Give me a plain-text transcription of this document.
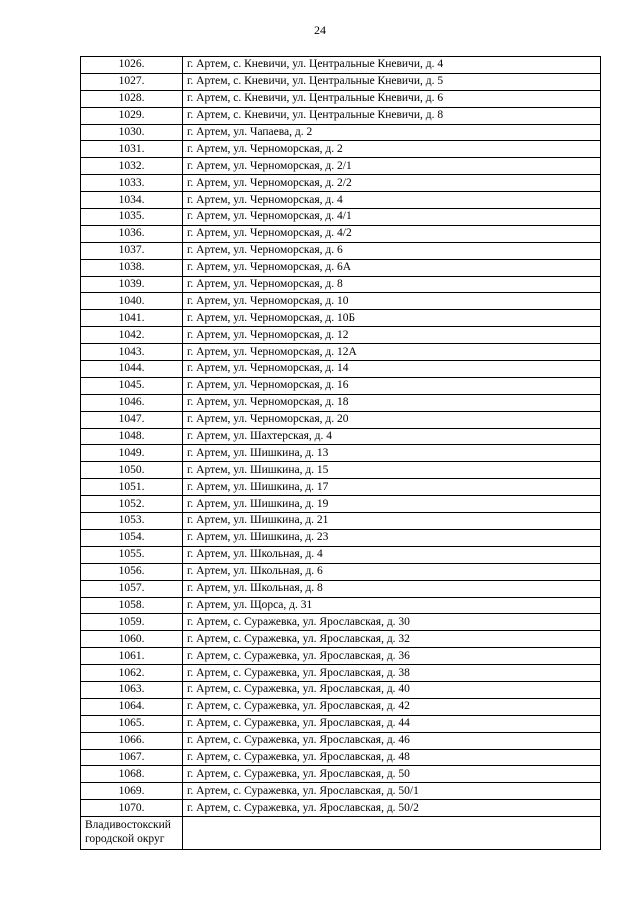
24
1026.	г. Артем, с. Кневичи, ул. Центральные Кневичи, д. 4
1027.	г. Артем, с. Кневичи, ул. Центральные Кневичи, д. 5
1028.	г. Артем, с. Кневичи, ул. Центральные Кневичи, д. 6
1029.	г. Артем, с. Кневичи, ул. Центральные Кневичи, д. 8
1030.	г. Артем, ул. Чапаева, д. 2
1031.	г. Артем, ул. Черноморская, д. 2
1032.	г. Артем, ул. Черноморская, д. 2/1
1033.	г. Артем, ул. Черноморская, д. 2/2
1034.	г. Артем, ул. Черноморская, д. 4
1035.	г. Артем, ул. Черноморская, д. 4/1
1036.	г. Артем, ул. Черноморская, д. 4/2
1037.	г. Артем, ул. Черноморская, д. 6
1038.	г. Артем, ул. Черноморская, д. 6А
1039.	г. Артем, ул. Черноморская, д. 8
1040.	г. Артем, ул. Черноморская, д. 10
1041.	г. Артем, ул. Черноморская, д. 10Б
1042.	г. Артем, ул. Черноморская, д. 12
1043.	г. Артем, ул. Черноморская, д. 12А
1044.	г. Артем, ул. Черноморская, д. 14
1045.	г. Артем, ул. Черноморская, д. 16
1046.	г. Артем, ул. Черноморская, д. 18
1047.	г. Артем, ул. Черноморская, д. 20
1048.	г. Артем, ул. Шахтерская, д. 4
1049.	г. Артем, ул. Шишкина, д. 13
1050.	г. Артем, ул. Шишкина, д. 15
1051.	г. Артем, ул. Шишкина, д. 17
1052.	г. Артем, ул. Шишкина, д. 19
1053.	г. Артем, ул. Шишкина, д. 21
1054.	г. Артем, ул. Шишкина, д. 23
1055.	г. Артем, ул. Школьная, д. 4
1056.	г. Артем, ул. Школьная, д. 6
1057.	г. Артем, ул. Школьная, д. 8
1058.	г. Артем, ул. Щорса, д. 31
1059.	г. Артем, с. Суражевка, ул. Ярославская, д. 30
1060.	г. Артем, с. Суражевка, ул. Ярославская, д. 32
1061.	г. Артем, с. Суражевка, ул. Ярославская, д. 36
1062.	г. Артем, с. Суражевка, ул. Ярославская, д. 38
1063.	г. Артем, с. Суражевка, ул. Ярославская, д. 40
1064.	г. Артем, с. Суражевка, ул. Ярославская, д. 42
1065.	г. Артем, с. Суражевка, ул. Ярославская, д. 44
1066.	г. Артем, с. Суражевка, ул. Ярославская, д. 46
1067.	г. Артем, с. Суражевка, ул. Ярославская, д. 48
1068.	г. Артем, с. Суражевка, ул. Ярославская, д. 50
1069.	г. Артем, с. Суражевка, ул. Ярославская, д. 50/1
1070.	г. Артем, с. Суражевка, ул. Ярославская, д. 50/2
Владивостокский городской округ	
